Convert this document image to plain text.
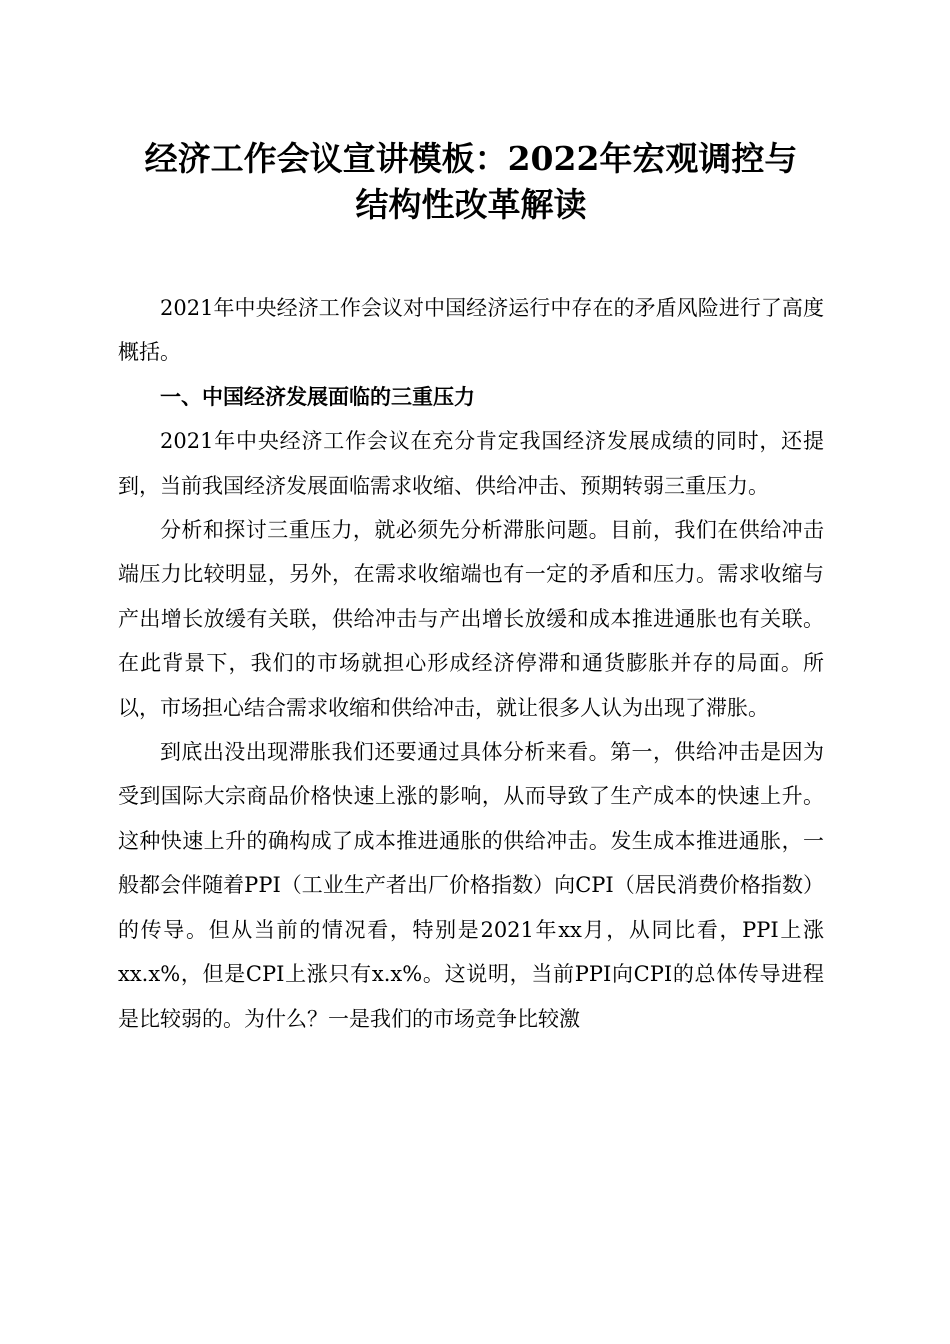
经济工作会议宣讲模板：2022年宏观调控与
结构性改革解读

2021年中央经济工作会议对中国经济运行中存在的矛盾风险进行了高度概括。

一、中国经济发展面临的三重压力

2021年中央经济工作会议在充分肯定我国经济发展成绩的同时，还提到，当前我国经济发展面临需求收缩、供给冲击、预期转弱三重压力。

分析和探讨三重压力，就必须先分析滞胀问题。目前，我们在供给冲击端压力比较明显，另外，在需求收缩端也有一定的矛盾和压力。需求收缩与产出增长放缓有关联，供给冲击与产出增长放缓和成本推进通胀也有关联。在此背景下，我们的市场就担心形成经济停滞和通货膨胀并存的局面。所以，市场担心结合需求收缩和供给冲击，就让很多人认为出现了滞胀。

到底出没出现滞胀我们还要通过具体分析来看。第一，供给冲击是因为受到国际大宗商品价格快速上涨的影响，从而导致了生产成本的快速上升。这种快速上升的确构成了成本推进通胀的供给冲击。发生成本推进通胀，一般都会伴随着PPI（工业生产者出厂价格指数）向CPI（居民消费价格指数）的传导。但从当前的情况看，特别是2021年xx月，从同比看，PPI上涨xx.x%，但是CPI上涨只有x.x%。这说明，当前PPI向CPI的总体传导进程是比较弱的。为什么？一是我们的市场竞争比较激
